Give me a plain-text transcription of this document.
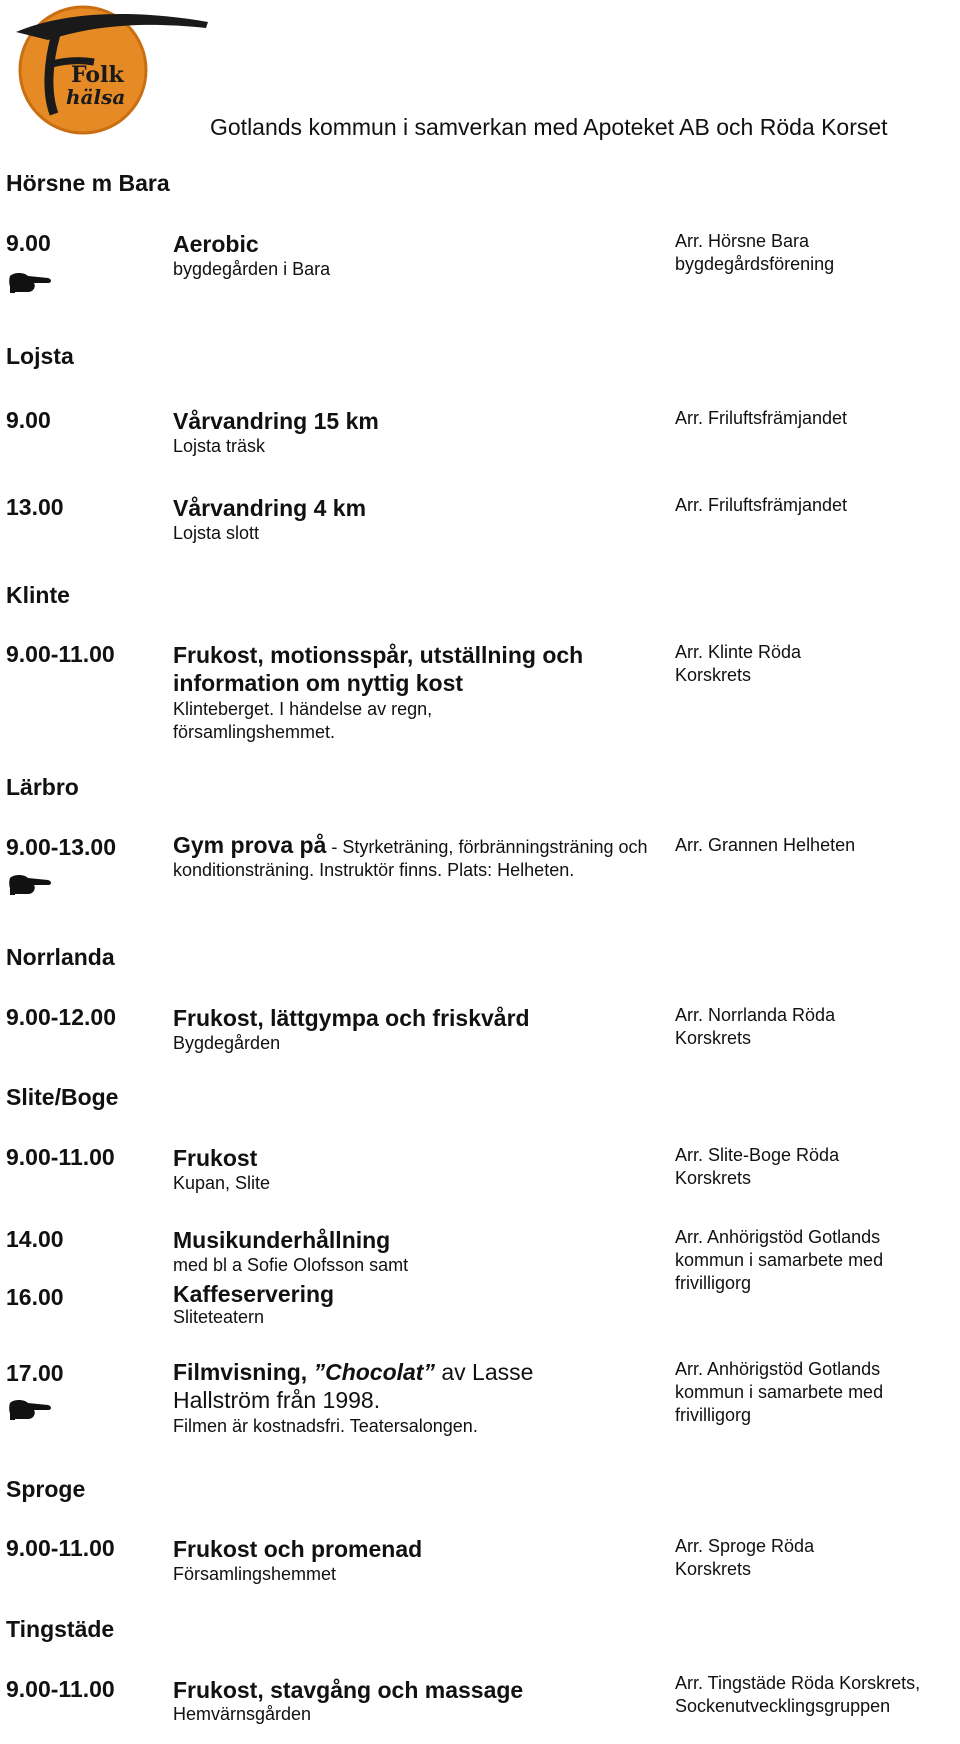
Folk
hälsa
Gotlands kommun i samverkan med Apoteket AB och Röda Korset
Hörsne m Bara
9.00	Aerobic
bygdegården i Bara
Arr. Hörsne Bara bygdegårdsförening
Lojsta
9.00	Vårvandring 15 km
Lojsta träsk
Arr. Friluftsfrämjandet
13.00	Vårvandring 4 km
Lojsta slott
Arr. Friluftsfrämjandet
Klinte
9.00-11.00	Frukost, motionsspår, utställning och information om nyttig kost
Klinteberget. I händelse av regn, församlingshemmet.
Arr. Klinte Röda Korskrets
Lärbro
9.00-13.00 Gym prova på - Styrketräning, förbränningsträning och konditionsträning. Instruktör finns. Plats: Helheten.
Arr. Grannen Helheten
Norrlanda
9.00-12.00 Frukost, lättgympa och friskvård
Bygdegården
Arr. Norrlanda Röda Korskrets
Slite/Boge
9.00-11.00	Frukost
Kupan, Slite
Arr. Slite-Boge Röda Korskrets
14.00	Musikunderhållning
med bl a Sofie Olofsson samt
Arr. Anhörigstöd Gotlands kommun i samarbete med frivilligorg
16.00	Kaffeservering
Sliteteatern
17.00	Filmvisning, ”Chocolat” av Lasse Hallström från 1998.
Filmen är kostnadsfri. Teatersalongen.
Arr. Anhörigstöd Gotlands kommun i samarbete med frivilligorg
Sproge
9.00-11.00	Frukost och promenad
Församlingshemmet
Arr. Sproge Röda Korskrets
Tingstäde
9.00-11.00	Frukost, stavgång och massage
Hemvärnsgården
Arr. Tingstäde Röda Korskrets, Sockenutvecklingsgruppen
